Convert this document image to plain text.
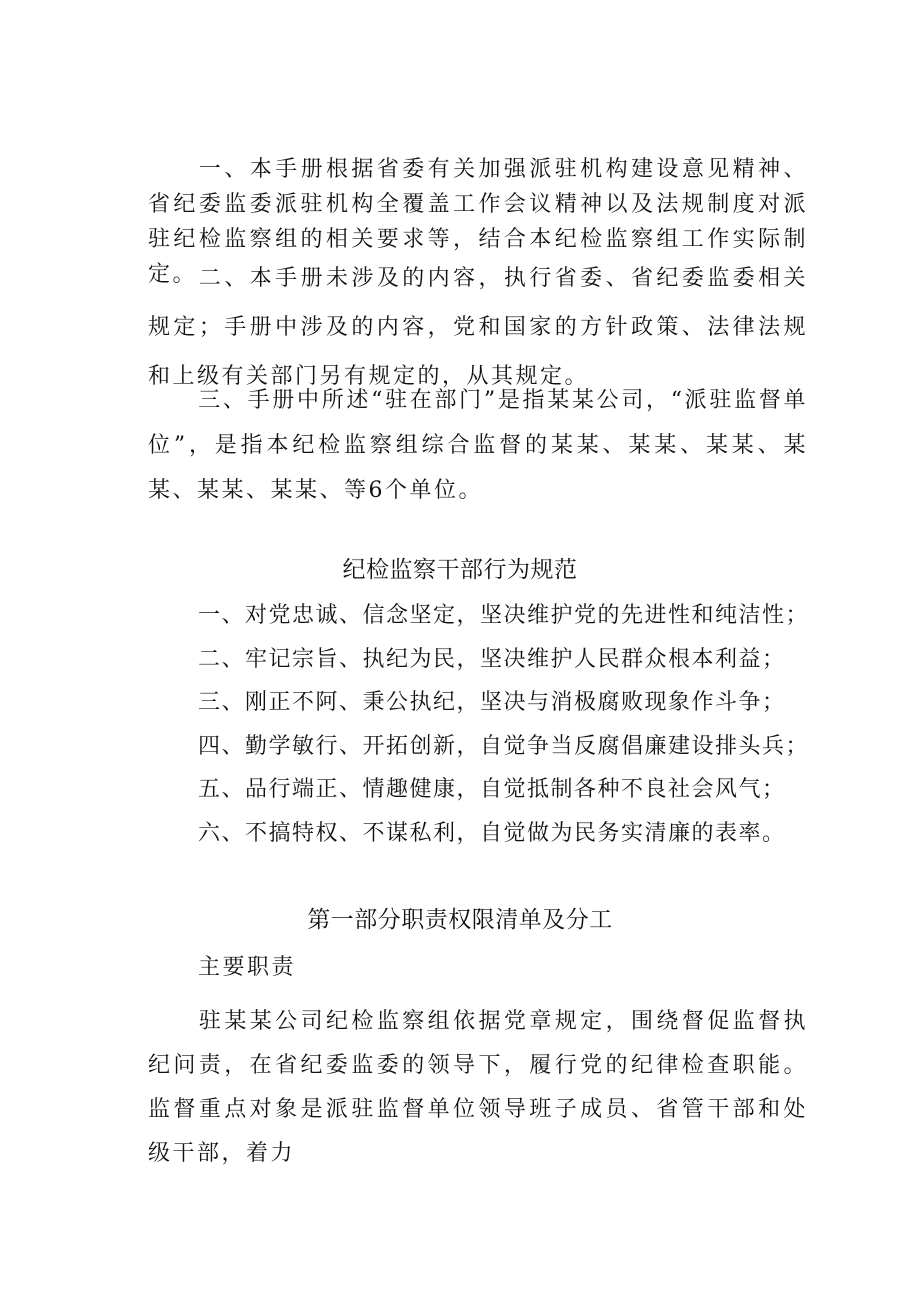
一、本手册根据省委有关加强派驻机构建设意见精神、省纪委监委派驻机构全覆盖工作会议精神以及法规制度对派驻纪检监察组的相关要求等，结合本纪检监察组工作实际制定。 二、本手册未涉及的内容，执行省委、省纪委监委相关规定；手册中涉及的内容，党和国家的方针政策、法律法规和上级有关部门另有规定的，从其规定。

三、手册中所述“驻在部门”是指某某公司，“派驻监督单位”，是指本纪检监察组综合监督的某某、某某、某某、某某、某某、某某、等6个单位。

纪检监察干部行为规范

一、对党忠诚、信念坚定，坚决维护党的先进性和纯洁性；

二、牢记宗旨、执纪为民，坚决维护人民群众根本利益；

三、刚正不阿、秉公执纪，坚决与消极腐败现象作斗争；

四、勤学敏行、开拓创新，自觉争当反腐倡廉建设排头兵；

五、品行端正、情趣健康，自觉抵制各种不良社会风气；

六、不搞特权、不谋私利，自觉做为民务实清廉的表率。

第一部分职责权限清单及分工

主要职责

驻某某公司纪检监察组依据党章规定，围绕督促监督执纪问责，在省纪委监委的领导下，履行党的纪律检查职能。监督重点对象是派驻监督单位领导班子成员、省管干部和处级干部，着力
